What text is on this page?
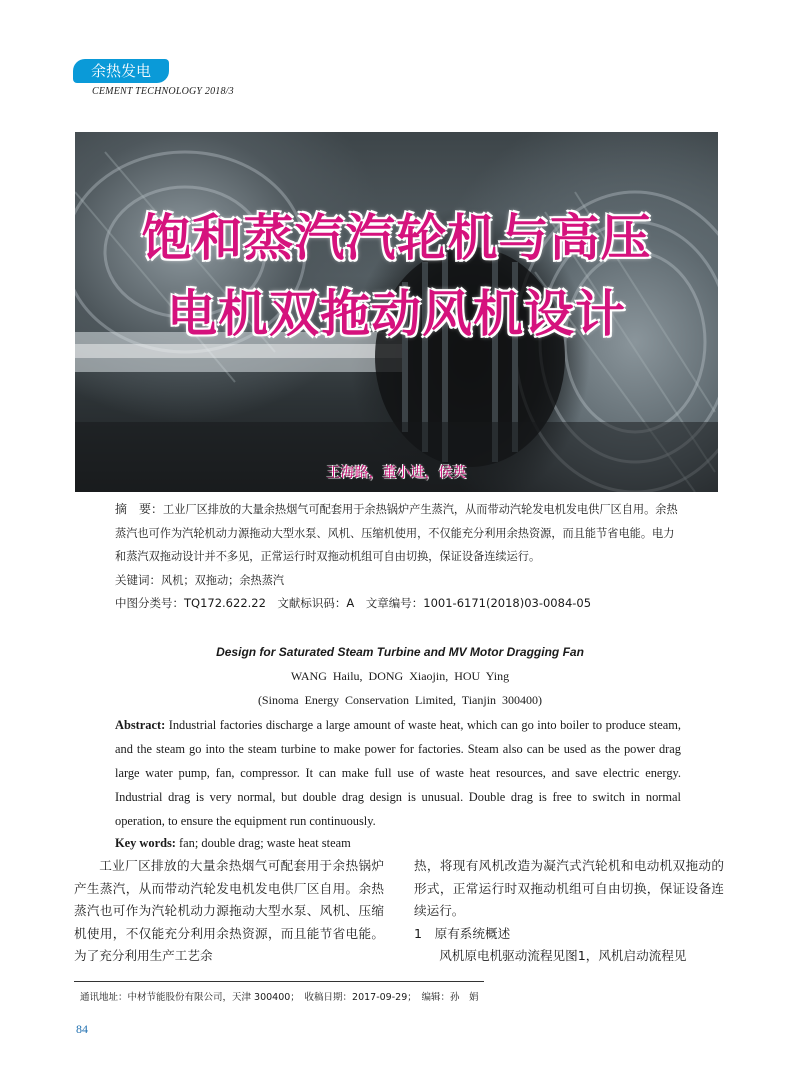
余热发电
CEMENT TECHNOLOGY 2018/3
饱和蒸汽汽轮机与高压
电机双拖动风机设计
王海路，董小进，侯英

摘　要：工业厂区排放的大量余热烟气可配套用于余热锅炉产生蒸汽，从而带动汽轮发电机发电供厂区自用。余热蒸汽也可作为汽轮机动力源拖动大型水泵、风机、压缩机使用，不仅能充分利用余热资源，而且能节省电能。电力和蒸汽双拖动设计并不多见，正常运行时双拖动机组可自由切换，保证设备连续运行。

关键词：风机；双拖动；余热蒸汽

中图分类号：TQ172.622.22　文献标识码：A　文章编号：1001-6171(2018)03-0084-05

Design for Saturated Steam Turbine and MV Motor Dragging Fan
WANG Hailu, DONG Xiaojin, HOU Ying
(Sinoma Energy Conservation Limited, Tianjin 300400)
Abstract: Industrial factories discharge a large amount of waste heat, which can go into boiler to produce steam, and the steam go into the steam turbine to make power for factories. Steam also can be used as the power drag large water pump, fan, compressor. It can make full use of waste heat resources, and save electric energy. Industrial drag is very normal, but double drag design is unusual. Double drag is free to switch in normal operation, to ensure the equipment run continuously.
Key words: fan; double drag; waste heat steam

工业厂区排放的大量余热烟气可配套用于余热锅炉产生蒸汽，从而带动汽轮发电机发电供厂区自用。余热蒸汽也可作为汽轮机动力源拖动大型水泵、风机、压缩机使用，不仅能充分利用余热资源，而且能节省电能。为了充分利用生产工艺余

热，将现有风机改造为凝汽式汽轮机和电动机双拖动的形式，正常运行时双拖动机组可自由切换，保证设备连续运行。

1　原有系统概述

风机原电机驱动流程见图1，风机启动流程见

通讯地址：中材节能股份有限公司，天津 300400；　收稿日期：2017-09-29；　编辑：孙　娟
84
